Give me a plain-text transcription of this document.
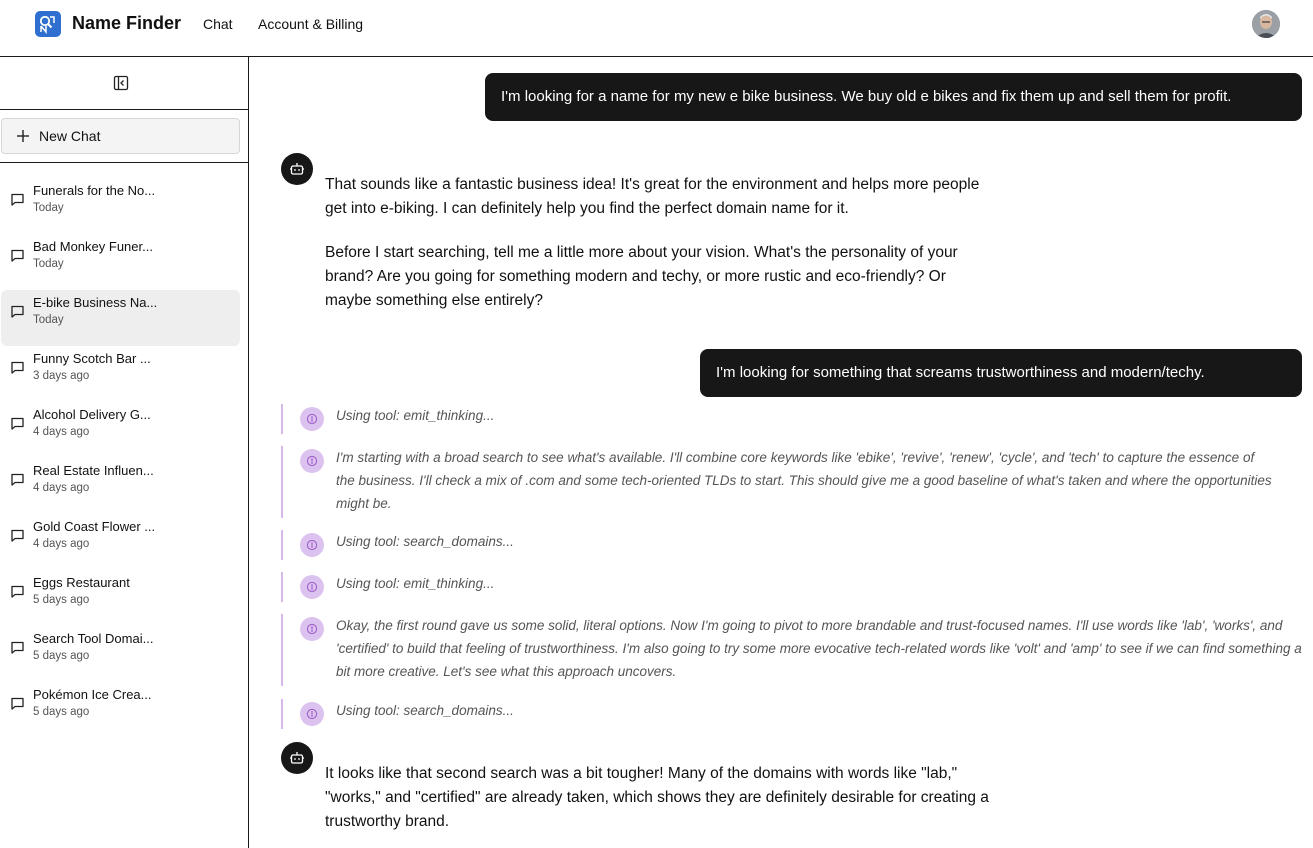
Name Finder Chat Account & Billing
New Chat
Funerals for the No...
Today
Bad Monkey Funer...
Today
E-bike Business Na...
Today
Funny Scotch Bar ...
3 days ago
Alcohol Delivery G...
4 days ago
Real Estate Influen...
4 days ago
Gold Coast Flower ...
4 days ago
Eggs Restaurant
5 days ago
Search Tool Domai...
5 days ago
Pokémon Ice Crea...
5 days ago
I'm looking for a name for my new e bike business. We buy old e bikes and fix them up and sell them for profit.

That sounds like a fantastic business idea! It's great for the environment and helps more people get into e-biking. I can definitely help you find the perfect domain name for it.

Before I start searching, tell me a little more about your vision. What's the personality of your brand? Are you going for something modern and techy, or more rustic and eco-friendly? Or maybe something else entirely?

I'm looking for something that screams trustworthiness and modern/techy.
Using tool: emit_thinking...
I'm starting with a broad search to see what's available. I'll combine core keywords like 'ebike', 'revive', 'renew', 'cycle', and 'tech' to capture the essence of the business. I'll check a mix of .com and some tech-oriented TLDs to start. This should give me a good baseline of what's taken and where the opportunities might be.
Using tool: search_domains...
Using tool: emit_thinking...
Okay, the first round gave us some solid, literal options. Now I'm going to pivot to more brandable and trust-focused names. I'll use words like 'lab', 'works', and 'certified' to build that feeling of trustworthiness. I'm also going to try some more evocative tech-related words like 'volt' and 'amp' to see if we can find something a bit more creative. Let's see what this approach uncovers.
Using tool: search_domains...
It looks like that second search was a bit tougher! Many of the domains with words like "lab," "works," and "certified" are already taken, which shows they are definitely desirable for creating a trustworthy brand.
